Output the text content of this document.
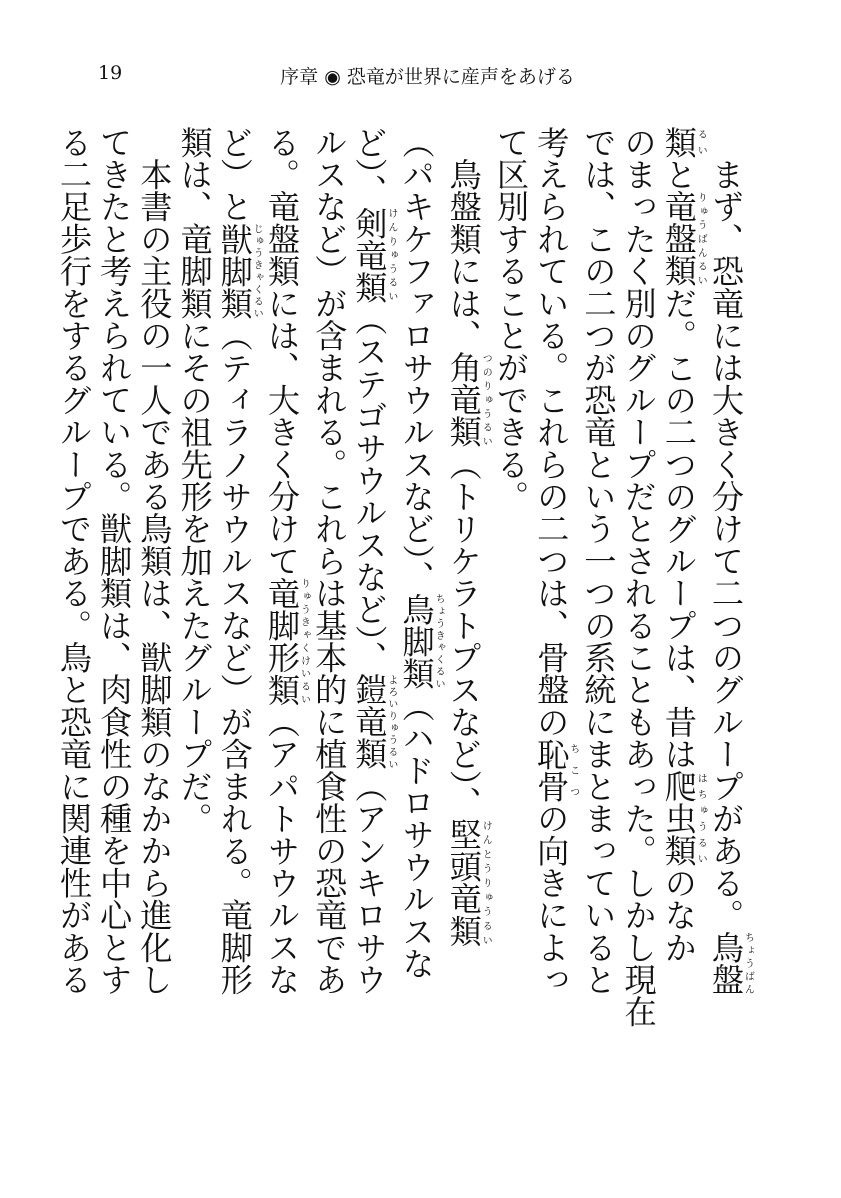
19	序章 ◉ 恐竜が世界に産声をあげる
　まず、恐竜には大きく分けて二つのグループがある。鳥盤ちょうばん
類るいと竜盤類りゅうばんるいだ。この二つのグループは、昔は爬虫類はちゅうるいのなか
のまったく別のグループだとされることもあった。しかし現在
では、この二つが恐竜という一つの系統にまとまっていると
考えられている。これらの二つは、骨盤の恥骨ちこつの向きによっ
て区別することができる。
　鳥盤類には、角竜類つのりゅうるい（トリケラトプスなど）、堅頭竜類けんとうりゅうるい
（パキケファロサウルスなど）、鳥脚類ちょうきゃくるい（ハドロサウルスな
ど）、剣竜類けんりゅうるい（ステゴサウルスなど）、鎧竜類よろいりゅうるい（アンキロサウ
ルスなど）が含まれる。これらは基本的に植食性の恐竜であ
る。竜盤類には、大きく分けて竜脚形類りゅうきゃくけいるい（アパトサウルスな
ど）と獣脚類じゅうきゃくるい（ティラノサウルスなど）が含まれる。竜脚形
類は、竜脚類にその祖先形を加えたグループだ。
　本書の主役の一人である鳥類は、獣脚類のなかから進化し
てきたと考えられている。獣脚類は、肉食性の種を中心とす
る二足歩行をするグループである。鳥と恐竜に関連性がある
